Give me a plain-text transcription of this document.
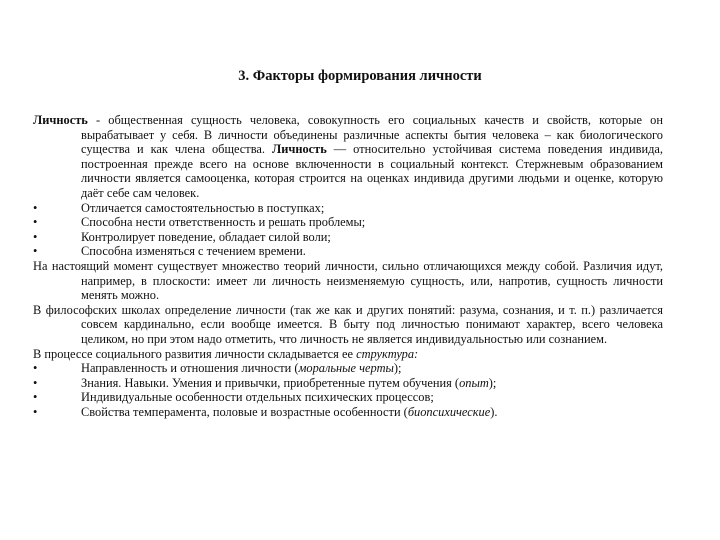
3. Факторы формирования личности

Личность - общественная сущность человека, совокупность его социальных качеств и свойств, которые он вырабатывает у себя. В личности объединены различные аспекты бытия человека – как биологического существа и как члена общества. Личность — относительно устойчивая система поведения индивида, построенная прежде всего на основе включенности в социальный контекст. Стержневым образованием личности является самооценка, которая строится на оценках индивида другими людьми и оценке, которую даёт себе сам человек.

•	Отличается самостоятельностью в поступках;

•	Способна нести ответственность и решать проблемы;

•	Контролирует поведение, обладает силой воли;

•	Способна изменяться с течением времени.

На настоящий момент существует множество теорий личности, сильно отличающихся между собой. Различия идут, например, в плоскости: имеет ли личность неизменяемую сущность, или, напротив, сущность личности менять можно.

В философских школах определение личности (так же как и других понятий: разума, сознания, и т. п.) различается совсем кардинально, если вообще имеется. В быту под личностью понимают характер, всего человека целиком, но при этом надо отметить, что личность не является индивидуальностью или сознанием.

В процессе социального развития личности складывается ее структура:

•	Направленность и отношения личности (моральные черты);

•	Знания. Навыки. Умения и привычки, приобретенные путем обучения (опыт);

•	Индивидуальные особенности отдельных психических процессов;

•	Свойства темперамента, половые и возрастные особенности (биопсихические).
